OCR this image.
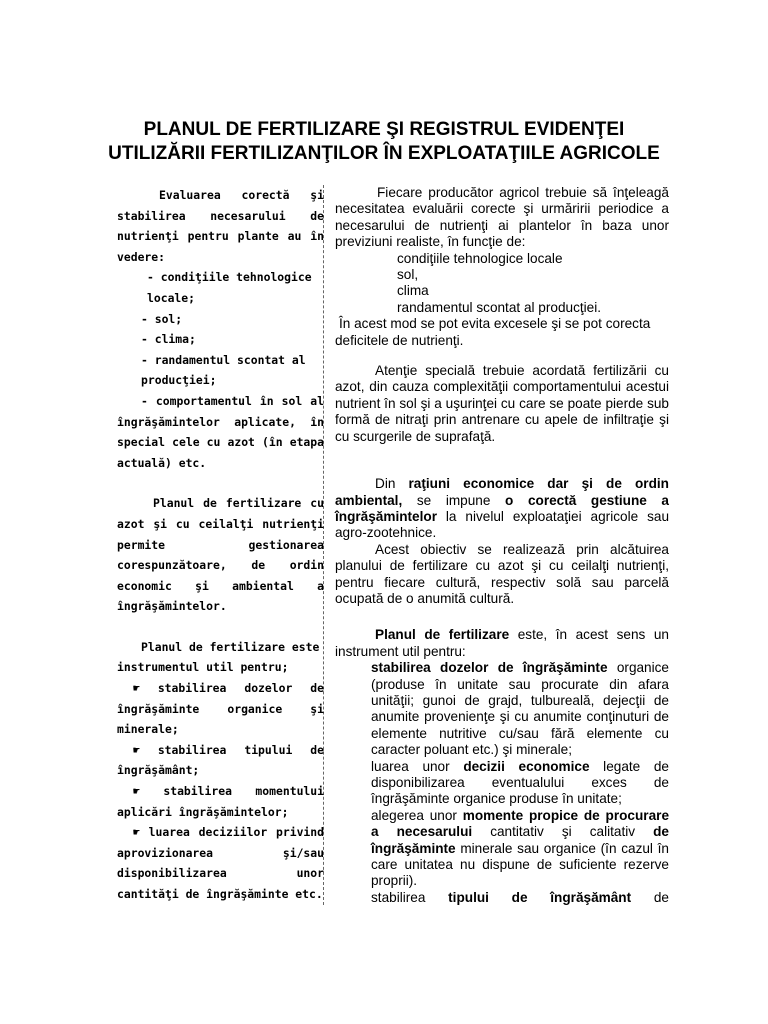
PLANUL DE FERTILIZARE ŞI REGISTRUL EVIDENŢEI
UTILIZĂRII FERTILIZANŢILOR ÎN EXPLOATAŢIILE AGRICOLE

Evaluarea corectă şi stabilirea necesarului de nutrienţi pentru plante au în vedere:

- condiţiile tehnologice locale;

- sol;

- clima;

- randamentul scontat al producţiei;

- comportamentul în sol al îngrăşămintelor aplicate, în special cele cu azot (în etapa actuală) etc.

Planul de fertilizare cu azot şi cu ceilalţi nutrienţi permite gestionarea corespunzătoare, de ordin economic şi ambiental a îngrăşămintelor.

Planul de fertilizare este instrumentul util pentru;

☛ stabilirea dozelor de îngrăşăminte organice şi minerale;

☛ stabilirea tipului de îngrăşământ;

☛ stabilirea momentului aplicări îngrăşămintelor;

☛ luarea deciziilor privind aprovizionarea şi/sau disponibilizarea unor cantităţi de îngrăşăminte etc.

Fiecare producător agricol trebuie să înţeleagă necesitatea evaluării corecte şi urmăririi periodice a necesarului de nutrienţi ai plantelor în baza unor previziuni realiste, în funcţie de:

condiţiile tehnologice locale

sol,

clima

randamentul scontat al producţiei.

În acest mod se pot evita excesele şi se pot corecta deficitele de nutrienţi.

Atenţie specială trebuie acordată fertilizării cu azot, din cauza complexităţii comportamentului acestui nutrient în sol şi a uşurinţei cu care se poate pierde sub formă de nitraţi prin antrenare cu apele de infiltraţie şi cu scurgerile de suprafaţă.

Din raţiuni economice dar şi de ordin ambiental, se impune o corectă gestiune a îngrăşămintelor la nivelul exploataţiei agricole sau agro-zootehnice.

Acest obiectiv se realizează prin alcătuirea planului de fertilizare cu azot şi cu ceilalţi nutrienţi, pentru fiecare cultură, respectiv solă sau parcelă ocupată de o anumită cultură.

Planul de fertilizare este, în acest sens un instrument util pentru:

stabilirea dozelor de îngrăşăminte organice (produse în unitate sau procurate din afara unităţii; gunoi de grajd, tulbureală, dejecţii de anumite provenienţe şi cu anumite conţinuturi de elemente nutritive cu/sau fără elemente cu caracter poluant etc.) şi minerale;

luarea unor decizii economice legate de disponibilizarea eventualului exces de îngrăşăminte organice produse în unitate;

alegerea unor momente propice de procurare a necesarului cantitativ şi calitativ de îngrăşăminte minerale sau organice (în cazul în care unitatea nu dispune de suficiente rezerve proprii).

stabilirea tipului de îngrăşământ de
